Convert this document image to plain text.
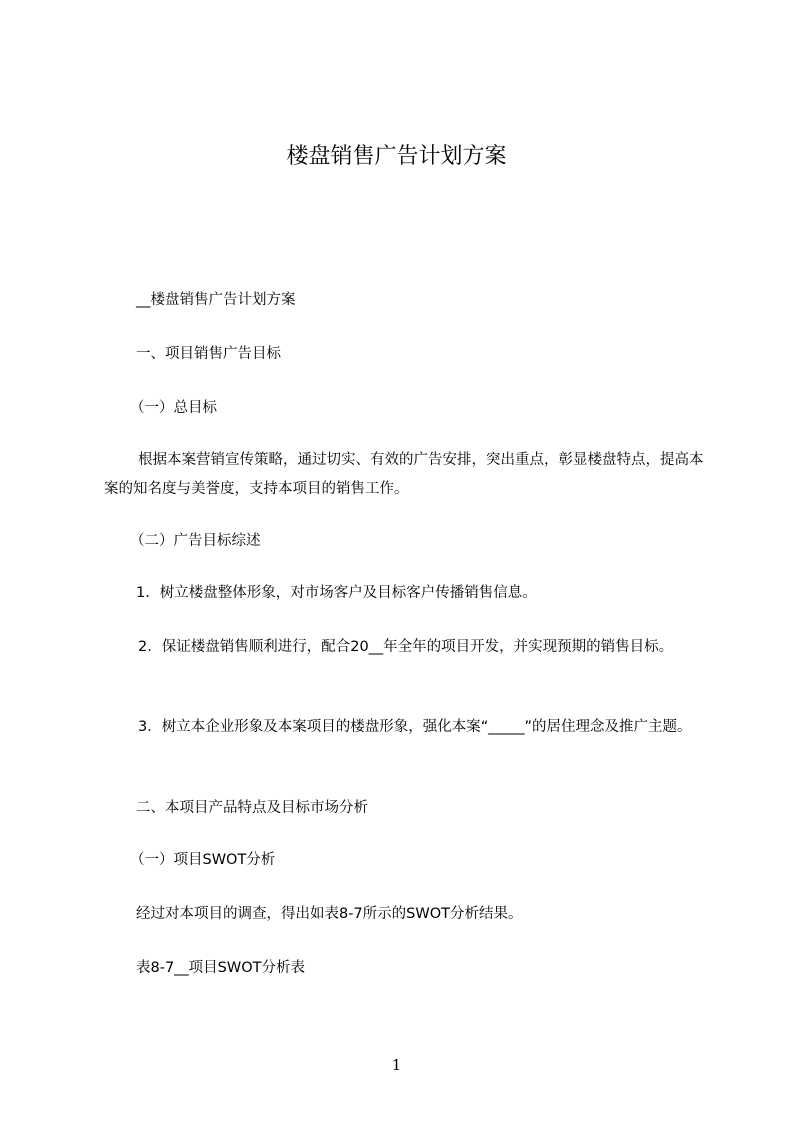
楼盘销售广告计划方案

__楼盘销售广告计划方案

一、项目销售广告目标

（一）总目标

根据本案营销宣传策略，通过切实、有效的广告安排，突出重点，彰显楼盘特点，提高本案的知名度与美誉度，支持本项目的销售工作。

（二）广告目标综述

1．树立楼盘整体形象，对市场客户及目标客户传播销售信息。

2．保证楼盘销售顺利进行，配合20__年全年的项目开发，并实现预期的销售目标。

3．树立本企业形象及本案项目的楼盘形象，强化本案“_____”的居住理念及推广主题。

二、本项目产品特点及目标市场分析

（一）项目SWOT分析

经过对本项目的调查，得出如表8-7所示的SWOT分析结果。

表8-7__项目SWOT分析表

1
